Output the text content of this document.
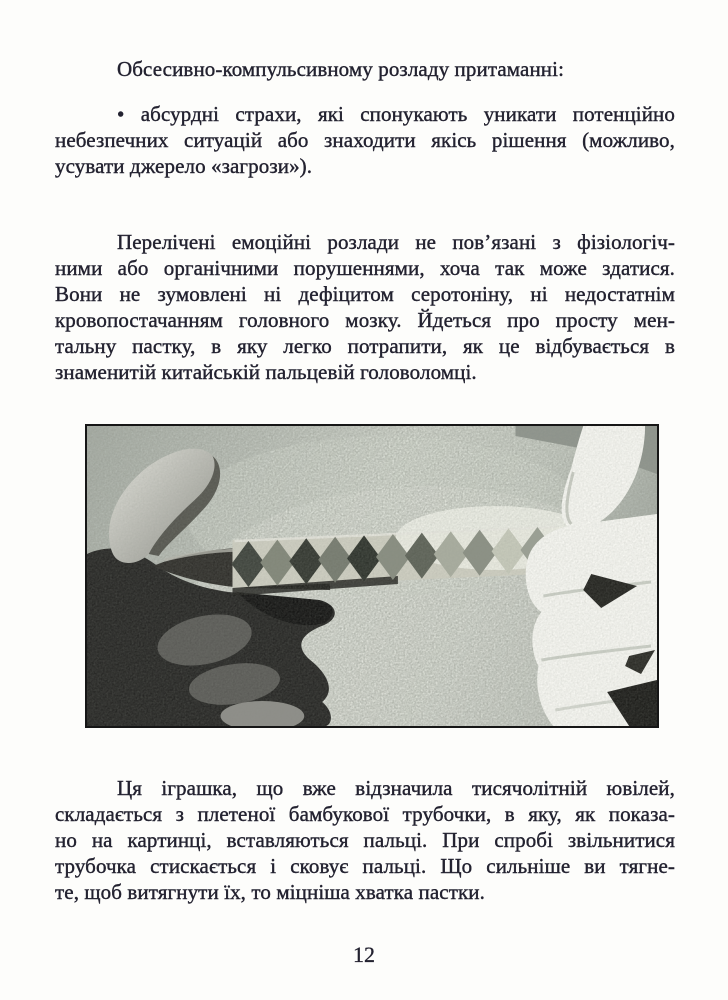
Обсесивно-компульсивному розладу притаманні:
• абсурдні страхи, які спонукають уникати потенційно
небезпечних ситуацій або знаходити якісь рішення (можливо,
усувати джерело «загрози»).
Перелічені емоційні розлади не пов’язані з фізіологіч-
ними або органічними порушеннями, хоча так може здатися.
Вони не зумовлені ні дефіцитом серотоніну, ні недостатнім
кровопостачанням головного мозку. Йдеться про просту мен-
тальну пастку, в яку легко потрапити, як це відбувається в
знаменитій китайській пальцевій головоломці.
Ця іграшка, що вже відзначила тисячолітній ювілей,
складається з плетеної бамбукової трубочки, в яку, як показа-
но на картинці, вставляються пальці. При спробі звільнитися
трубочка стискається і сковує пальці. Що сильніше ви тягне-
те, щоб витягнути їх, то міцніша хватка пастки.
12
